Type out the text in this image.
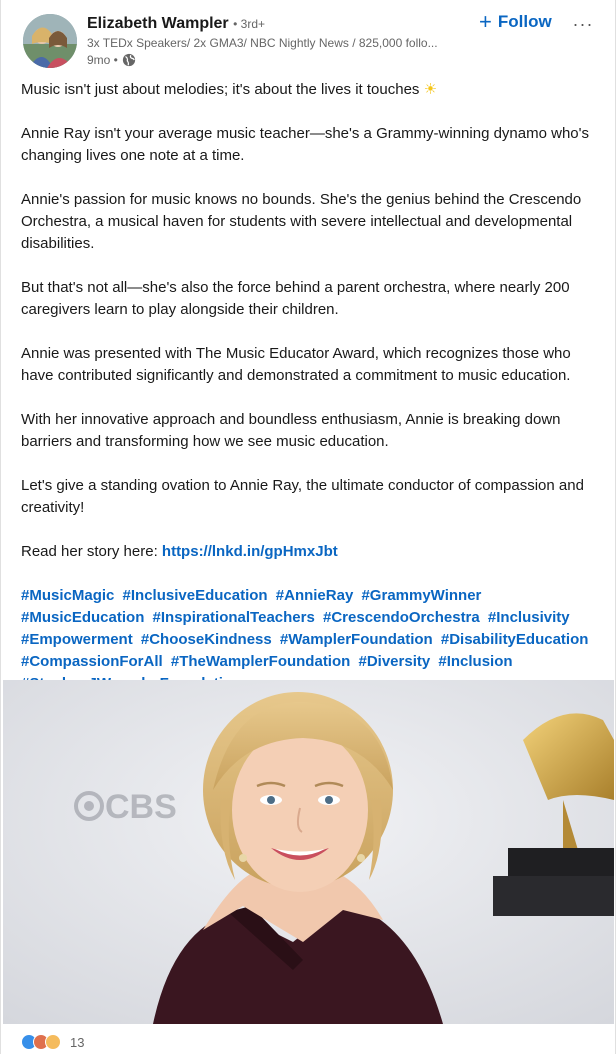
Elizabeth Wampler • 3rd+
3x TEDx Speakers/ 2x GMA3/ NBC Nightly News / 825,000 follo...
9mo •
+ Follow ···

Music isn't just about melodies; it's about the lives it touches ☀

Annie Ray isn't your average music teacher—she's a Grammy-winning dynamo who's changing lives one note at a time.

Annie's passion for music knows no bounds. She's the genius behind the Crescendo Orchestra, a musical haven for students with severe intellectual and developmental disabilities.

But that's not all—she's also the force behind a parent orchestra, where nearly 200 caregivers learn to play alongside their children.

Annie was presented with The Music Educator Award, which recognizes those who have contributed significantly and demonstrated a commitment to music education.

With her innovative approach and boundless enthusiasm, Annie is breaking down barriers and transforming how we see music education.

Let's give a standing ovation to Annie Ray, the ultimate conductor of compassion and creativity!

Read her story here: https://lnkd.in/gpHmxJbt

#MusicMagic #InclusiveEducation #AnnieRay #GrammyWinner #MusicEducation #InspirationalTeachers #CrescendoOrchestra #Inclusivity #Empowerment #ChooseKindness #WamplerFoundation #DisabilityEducation #CompassionForAll #TheWamplerFoundation #Diversity #Inclusion
CBS
13
